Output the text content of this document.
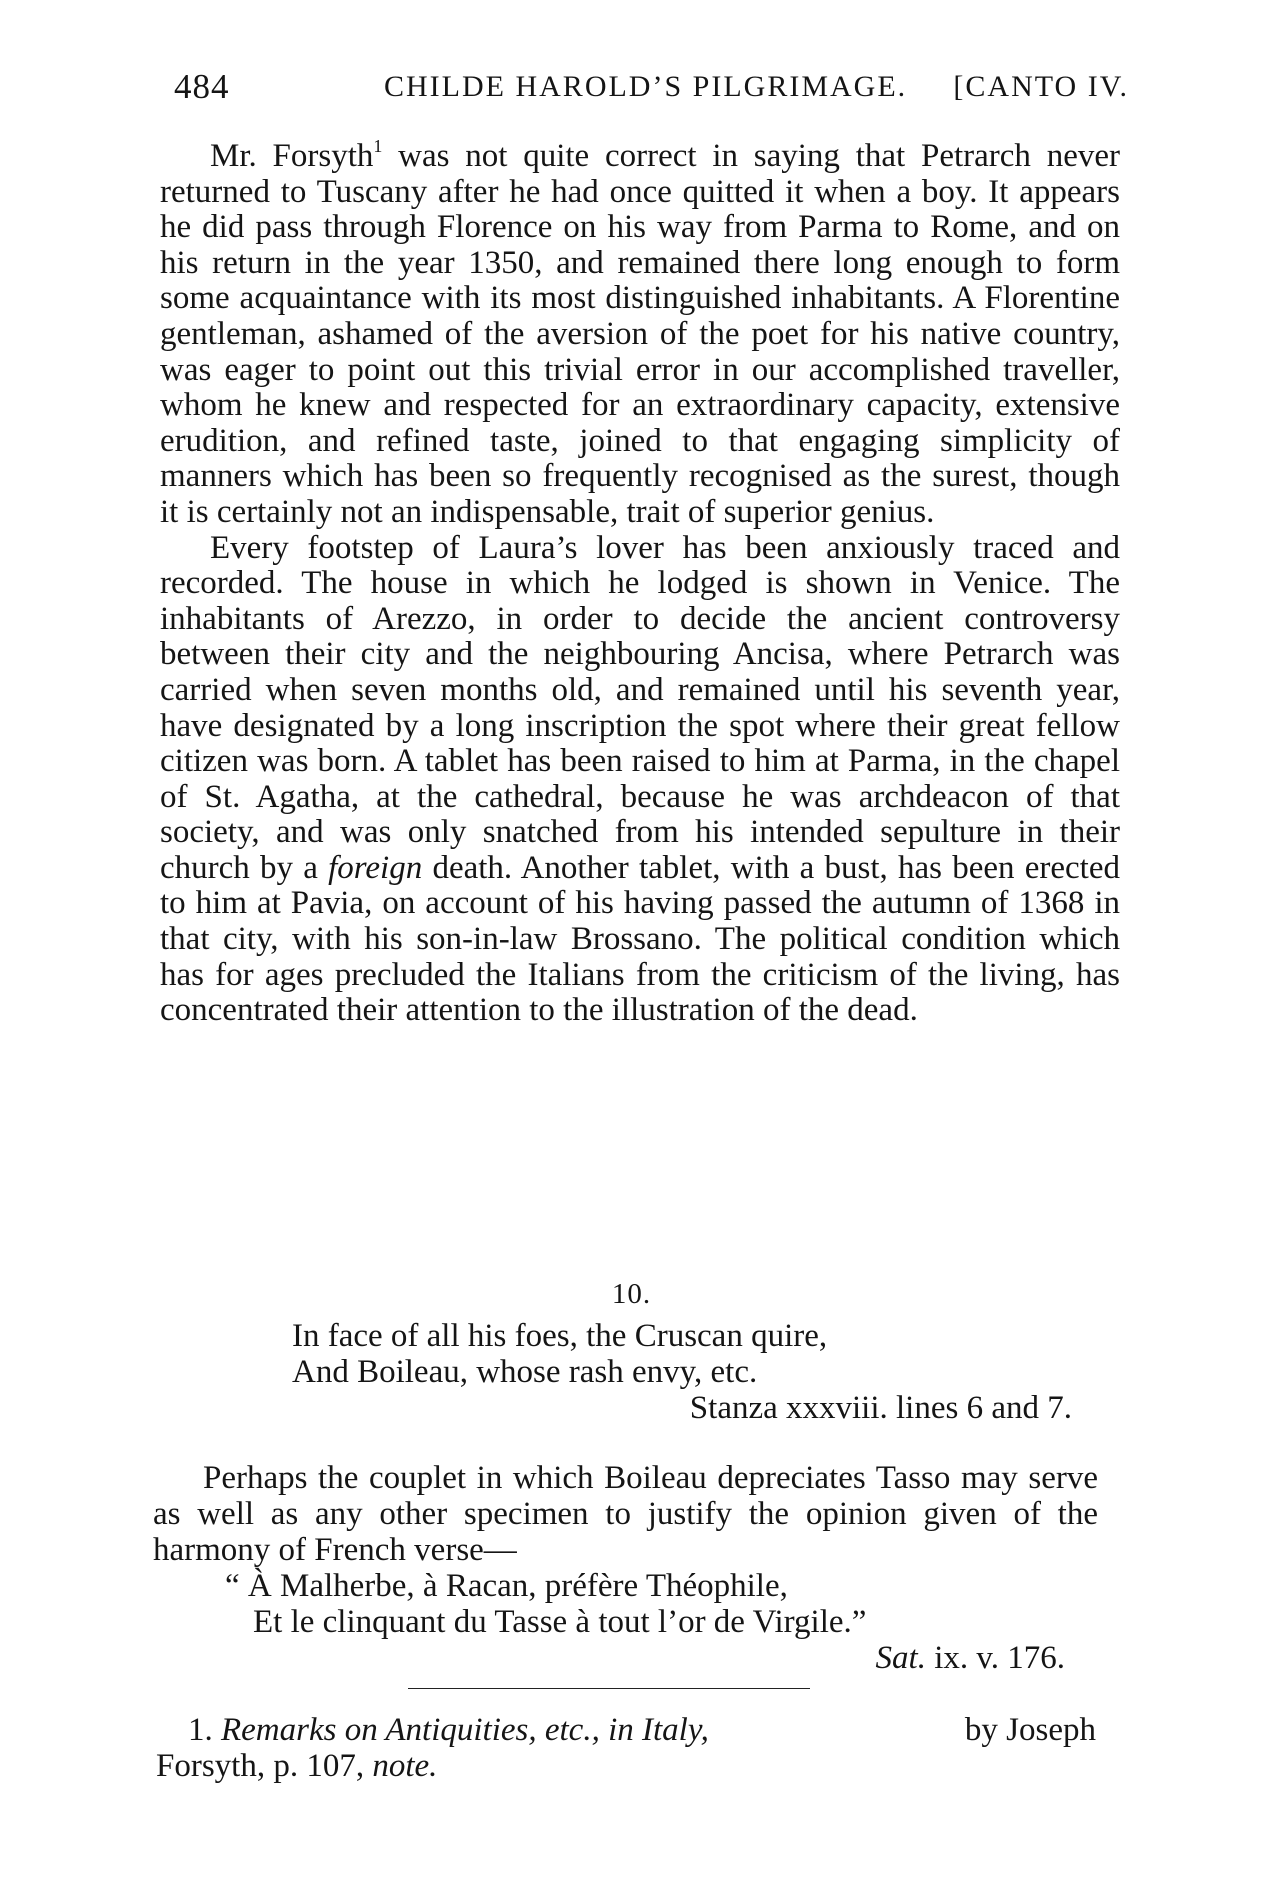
484	CHILDE HAROLD’S PILGRIMAGE. [CANTO IV.

Mr. Forsyth$^1$ was not quite correct in saying that Petrarch never returned to Tuscany after he had once quitted it when a boy. It appears he did pass through Florence on his way from Parma to Rome, and on his return in the year 1350, and remained there long enough to form some acquaintance with its most distinguished inhabitants. A Florentine gentleman, ashamed of the aversion of the poet for his native country, was eager to point out this trivial error in our accomplished traveller, whom he knew and respected for an extraordinary capacity, extensive erudition, and refined taste, joined to that engaging simplicity of manners which has been so frequently recognised as the surest, though it is certainly not an indispensable, trait of superior genius.

Every footstep of Laura’s lover has been anxiously traced and recorded. The house in which he lodged is shown in Venice. The inhabitants of Arezzo, in order to decide the ancient controversy between their city and the neighbouring Ancisa, where Petrarch was carried when seven months old, and remained until his seventh year, have designated by a long inscription the spot where their great fellow citizen was born. A tablet has been raised to him at Parma, in the chapel of St. Agatha, at the cathedral, because he was archdeacon of that society, and was only snatched from his intended sepulture in their church by a foreign death. Another tablet, with a bust, has been erected to him at Pavia, on account of his having passed the autumn of 1368 in that city, with his son-in-law Brossano. The political condition which has for ages precluded the Italians from the criticism of the living, has concentrated their attention to the illustration of the dead.

10.
In face of all his foes, the Cruscan quire,
And Boileau, whose rash envy, etc.
Stanza xxxviii. lines 6 and 7.

Perhaps the couplet in which Boileau depreciates Tasso may serve as well as any other specimen to justify the opinion given of the harmony of French verse—

“ À Malherbe, à Racan, préfère Théophile,
Et le clinquant du Tasse à tout l’or de Virgile.”
Sat. ix. v. 176.
1. Remarks on Antiquities, etc., in Italy,	by Joseph
Forsyth, p. 107, note.
